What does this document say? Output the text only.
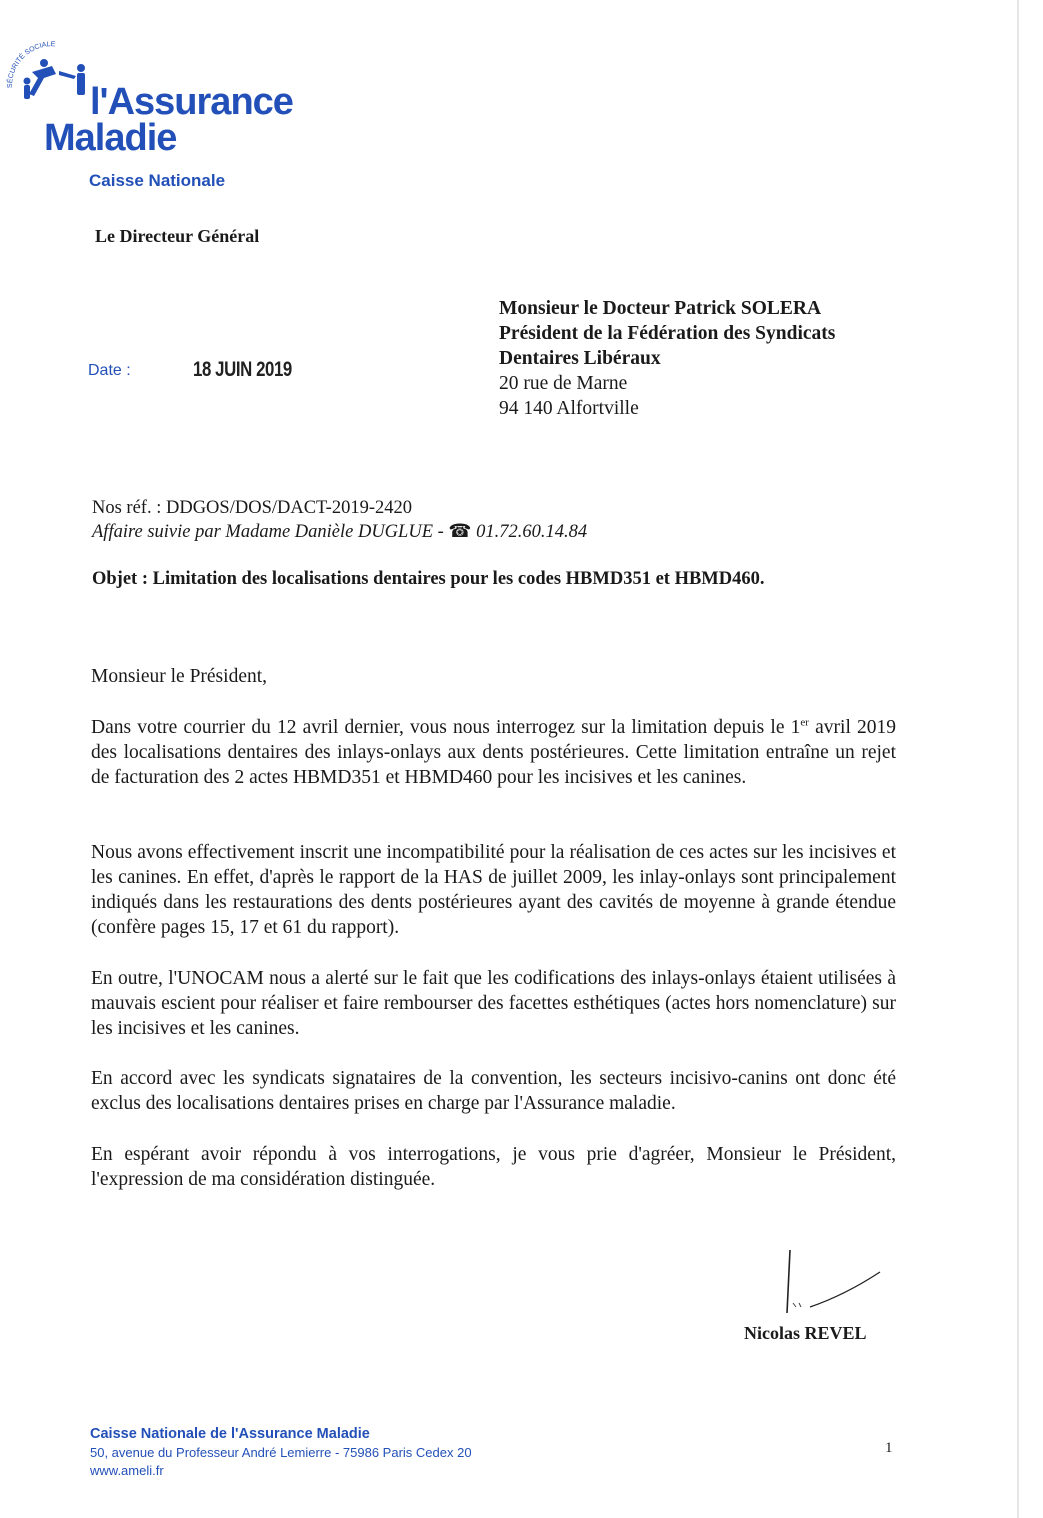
SÉCURITÉ SOCIALE
l'Assurance
Maladie
Caisse Nationale
Le Directeur Général
Monsieur le Docteur Patrick SOLERA
Président de la Fédération des Syndicats
Dentaires Libéraux
20 rue de Marne
94 140 Alfortville
Date :	18 JUIN 2019
Nos réf. : DDGOS/DOS/DACT-2019-2420
Affaire suivie par Madame Danièle DUGLUE - ☎ 01.72.60.14.84
Objet : Limitation des localisations dentaires pour les codes HBMD351 et HBMD460.
Monsieur le Président,
Dans votre courrier du 12 avril dernier, vous nous interrogez sur la limitation depuis le 1er avril 2019 des localisations dentaires des inlays-onlays aux dents postérieures. Cette limitation entraîne un rejet de facturation des 2 actes HBMD351 et HBMD460 pour les incisives et les canines.
Nous avons effectivement inscrit une incompatibilité pour la réalisation de ces actes sur les incisives et les canines. En effet, d'après le rapport de la HAS de juillet 2009, les inlay-onlays sont principalement indiqués dans les restaurations des dents postérieures ayant des cavités de moyenne à grande étendue (confère pages 15, 17 et 61 du rapport).
En outre, l'UNOCAM nous a alerté sur le fait que les codifications des inlays-onlays étaient utilisées à mauvais escient pour réaliser et faire rembourser des facettes esthétiques (actes hors nomenclature) sur les incisives et les canines.
En accord avec les syndicats signataires de la convention, les secteurs incisivo-canins ont donc été exclus des localisations dentaires prises en charge par l'Assurance maladie.
En espérant avoir répondu à vos interrogations, je vous prie d'agréer, Monsieur le Président, l'expression de ma considération distinguée.
Nicolas REVEL
Caisse Nationale de l'Assurance Maladie
50, avenue du Professeur André Lemierre - 75986 Paris Cedex 20
www.ameli.fr
1
